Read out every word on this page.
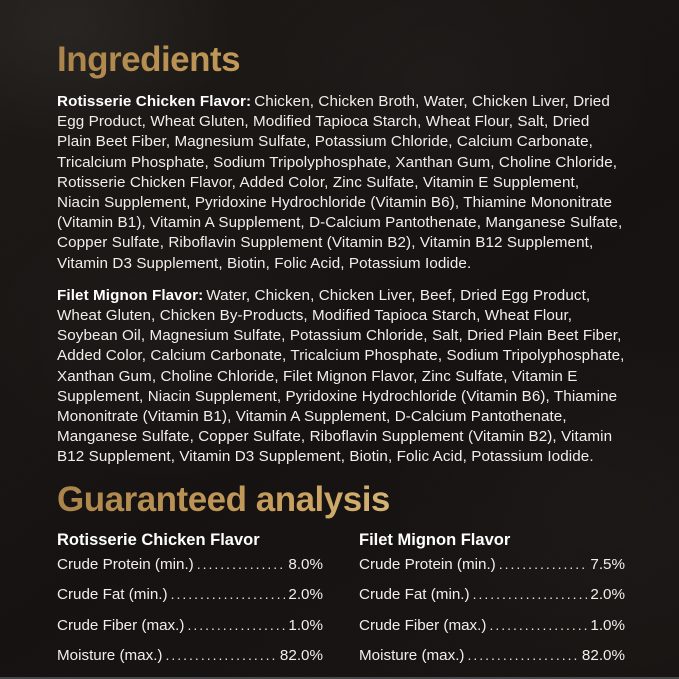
Ingredients

Rotisserie Chicken Flavor: Chicken, Chicken Broth, Water, Chicken Liver, Dried Egg Product, Wheat Gluten, Modified Tapioca Starch, Wheat Flour, Salt, Dried Plain Beet Fiber, Magnesium Sulfate, Potassium Chloride, Calcium Carbonate, Tricalcium Phosphate, Sodium Tripolyphosphate, Xanthan Gum, Choline Chloride, Rotisserie Chicken Flavor, Added Color, Zinc Sulfate, Vitamin E Supplement, Niacin Supplement, Pyridoxine Hydrochloride (Vitamin B6), Thiamine Mononitrate (Vitamin B1), Vitamin A Supplement, D-Calcium Pantothenate, Manganese Sulfate, Copper Sulfate, Riboflavin Supplement (Vitamin B2), Vitamin B12 Supplement, Vitamin D3 Supplement, Biotin, Folic Acid, Potassium Iodide.

Filet Mignon Flavor: Water, Chicken, Chicken Liver, Beef, Dried Egg Product, Wheat Gluten, Chicken By-Products, Modified Tapioca Starch, Wheat Flour, Soybean Oil, Magnesium Sulfate, Potassium Chloride, Salt, Dried Plain Beet Fiber, Added Color, Calcium Carbonate, Tricalcium Phosphate, Sodium Tripolyphosphate, Xanthan Gum, Choline Chloride, Filet Mignon Flavor, Zinc Sulfate, Vitamin E Supplement, Niacin Supplement, Pyridoxine Hydrochloride (Vitamin B6), Thiamine Mononitrate (Vitamin B1), Vitamin A Supplement, D-Calcium Pantothenate, Manganese Sulfate, Copper Sulfate, Riboflavin Supplement (Vitamin B2), Vitamin B12 Supplement, Vitamin D3 Supplement, Biotin, Folic Acid, Potassium Iodide.

Guaranteed analysis
Rotisserie Chicken Flavor
Crude Protein (min.) .....	8.0%
Crude Fat (min.) .....	2.0%
Crude Fiber (max.) .....	1.0%
Moisture (max.) .....	82.0%
Filet Mignon Flavor
Crude Protein (min.) .....	7.5%
Crude Fat (min.) .....	2.0%
Crude Fiber (max.) .....	1.0%
Moisture (max.) .....	82.0%
